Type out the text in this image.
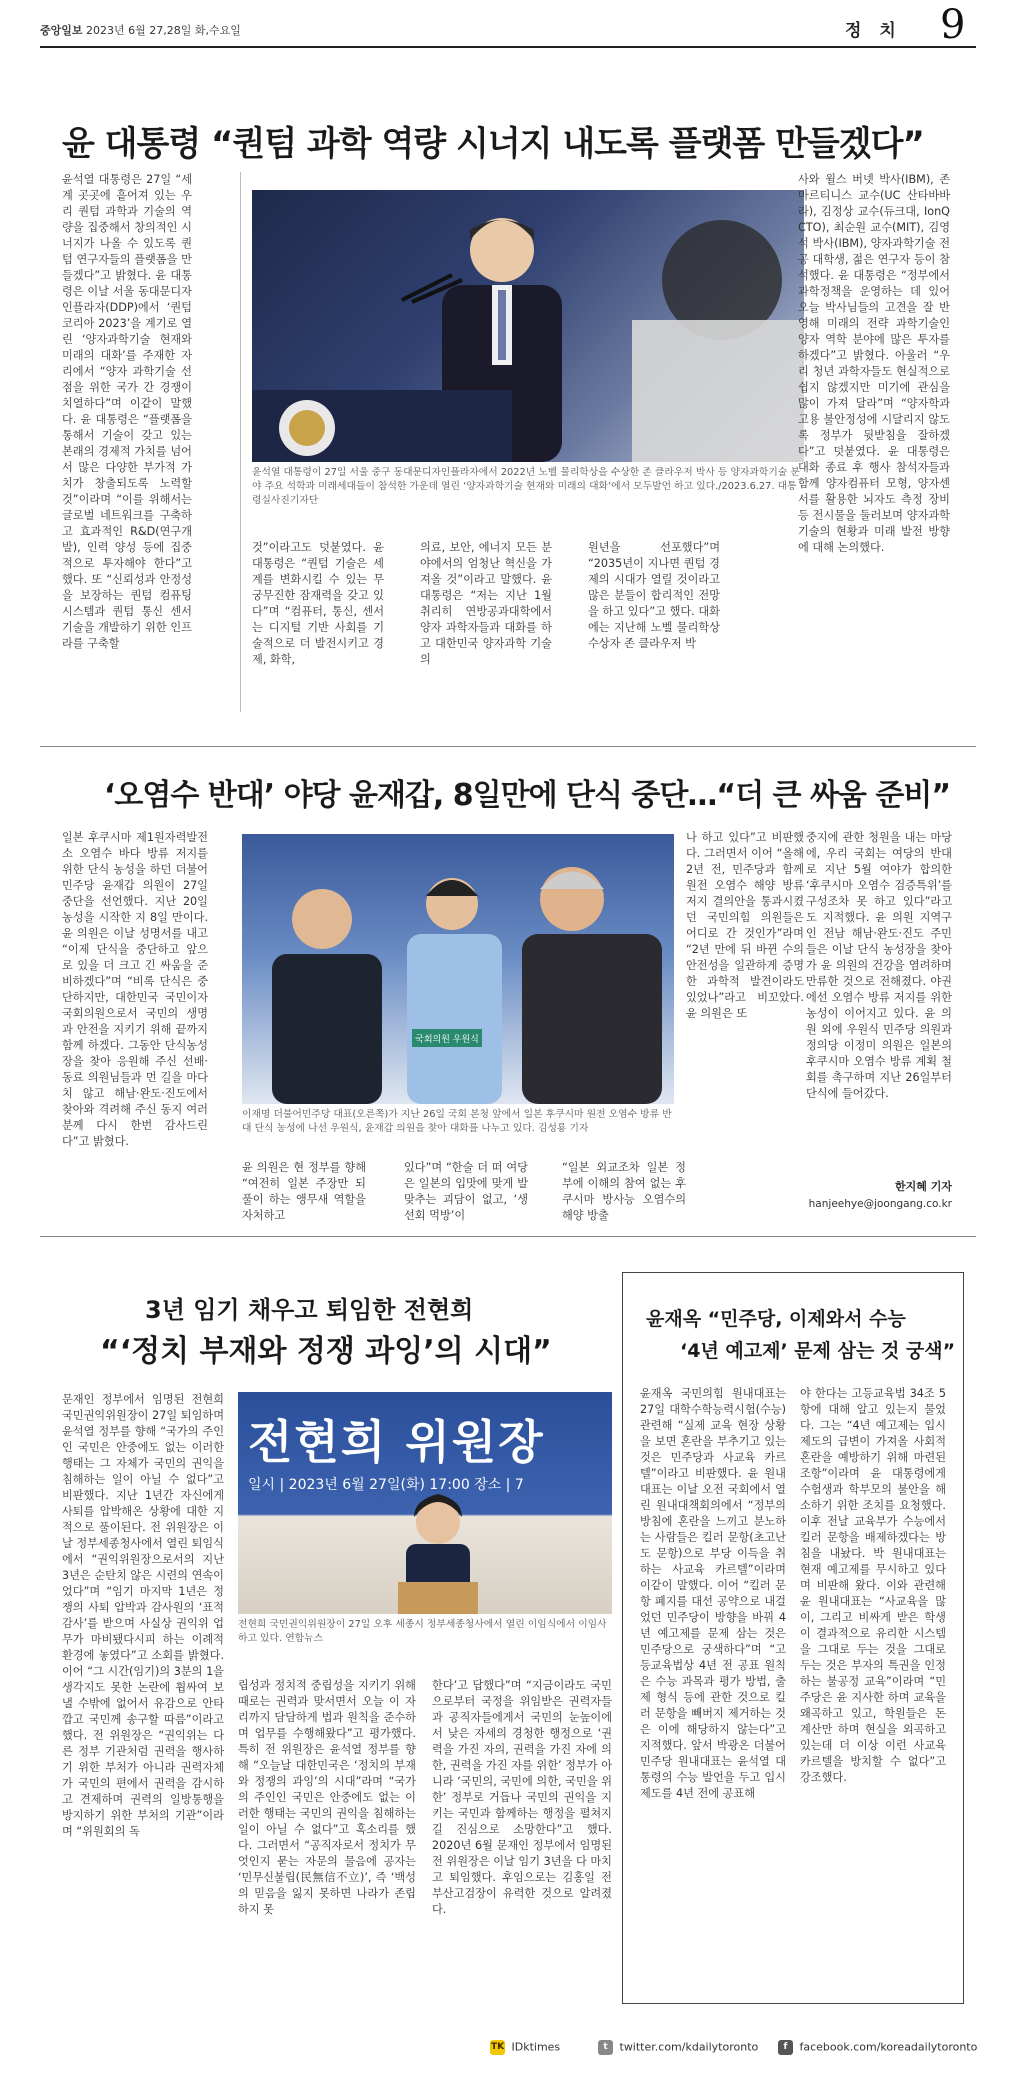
중앙일보 2023년 6월 27,28일 화,수요일	정 치 9
윤 대통령 “퀀텀 과학 역량 시너지 내도록 플랫폼 만들겠다”
윤석열 대통령은 27일 “세계 곳곳에 흩어져 있는 우리 퀀텀 과학과 기술의 역량을 집중해서 창의적인 시너지가 나올 수 있도록 퀀텀 연구자들의 플랫폼을 만들겠다”고 밝혔다. 윤 대통령은 이날 서울 동대문디자인플라자(DDP)에서 ‘퀀텀코리아 2023’을 계기로 열린 ‘양자과학기술 현재와 미래의 대화’를 주재한 자리에서 “양자 과학기술 선점을 위한 국가 간 경쟁이 치열하다”며 이같이 말했다. 윤 대통령은 “플랫폼을 통해서 기술이 갖고 있는 본래의 경제적 가치를 넘어서 많은 다양한 부가적 가치가 창출되도록 노력할 것”이라며 “이를 위해서는 글로벌 네트워크를 구축하고 효과적인 R&D(연구개발), 인력 양성 등에 집중적으로 투자해야 한다”고 했다. 또 “신뢰성과 안정성을 보장하는 퀀텀 컴퓨팅 시스템과 퀀텀 통신 센서 기술을 개발하기 위한 인프라를 구축할
윤석열 대통령이 27일 서울 중구 동대문디자인플라자에서 2022년 노벨 물리학상을 수상한 존 클라우저 박사 등 양자과학기술 분야 주요 석학과 미래세대들이 참석한 가운데 열린 ‘양자과학기술 현재와 미래의 대화’에서 모두발언 하고 있다./2023.6.27. 대통령실사진기자단
것”이라고도 덧붙였다. 윤 대통령은 “퀀텀 기술은 세계를 변화시킬 수 있는 무궁무진한 잠재력을 갖고 있다”며 “컴퓨터, 통신, 센서는 디지털 기반 사회를 기술적으로 더 발전시키고 경제, 화학,
의료, 보안, 에너지 모든 분야에서의 엄청난 혁신을 가져올 것”이라고 말했다. 윤 대통령은 “저는 지난 1월 취리히 연방공과대학에서 양자 과학자들과 대화를 하고 대한민국 양자과학 기술의
원년을 선포했다”며 “2035년이 지나면 퀀텀 경제의 시대가 열릴 것이라고 많은 분들이 합리적인 전망을 하고 있다”고 했다. 대화에는 지난해 노벨 물리학상 수상자 존 클라우저 박
사와 윌스 버넷 박사(IBM), 존 마르티니스 교수(UC 산타바바라), 김정상 교수(듀크대, IonQ CTO), 최순원 교수(MIT), 김영석 박사(IBM), 양자과학기술 전공 대학생, 젊은 연구자 등이 참석했다. 윤 대통령은 “정부에서 과학정책을 운영하는 데 있어 오늘 박사님들의 고견을 잘 반영해 미래의 전략 과학기술인 양자 역학 분야에 많은 투자를 하겠다”고 밝혔다. 아울러 “우리 청년 과학자들도 현실적으로 쉽지 않겠지만 미기에 관심을 많이 가져 달라”며 “양자학과 고용 불안정성에 시달리지 않도록 정부가 뒷받침을 잘하겠다”고 덧붙였다. 윤 대통령은 대화 종료 후 행사 참석자들과 함께 양자컴퓨터 모형, 양자센서를 활용한 뇌자도 측정 장비 등 전시물을 둘러보며 양자과학기술의 현황과 미래 발전 방향에 대해 논의했다.
‘오염수 반대’ 야당 윤재갑, 8일만에 단식 중단…“더 큰 싸움 준비”
일본 후쿠시마 제1원자력발전소 오염수 바다 방류 저지를 위한 단식 농성을 하던 더불어민주당 윤재갑 의원이 27일 중단을 선언했다. 지난 20일 농성을 시작한 지 8일 만이다. 윤 의원은 이날 성명서를 내고 “이제 단식을 중단하고 앞으로 있을 더 크고 긴 싸움을 준비하겠다”며 “비록 단식은 중단하지만, 대한민국 국민이자 국회의원으로서 국민의 생명과 안전을 지키기 위해 끝까지 함께 하겠다. 그동안 단식농성장을 찾아 응원해 주신 선배·동료 의원님들과 먼 길을 마다치 않고 해남·완도·진도에서 찾아와 격려해 주신 동지 여러분께 다시 한번 감사드린다”고 밝혔다.
국회의원 우원식
이재명 더불어민주당 대표(오른쪽)가 지난 26일 국회 본청 앞에서 일본 후쿠시마 원전 오염수 방류 반대 단식 농성에 나선 우원식, 윤재갑 의원을 찾아 대화를 나누고 있다. 김성룡 기자
윤 의원은 현 정부를 향해 “여전히 일본 주장만 되풀이 하는 앵무새 역할을 자처하고
있다”며 “한술 더 떠 여당은 일본의 입맛에 맞게 발맞추는 괴담이 없고, ‘생선회 먹방’이
“일본 외교조차 일본 정부에 이해의 참여 없는 후쿠시마 방사능 오염수의 해양 방출
나 하고 있다”고 비판했다. 그러면서 이어 “올해 2년 전, 민주당과 함께 원전 오염수 해양 방류 저지 결의안을 통과시켰던 국민의힘 의원들은 어디로 간 것인가”라며 “2년 만에 뒤 바뀐 수의 안전성을 일관하게 증명한 과학적 발견이라도 있었나”라고 비꼬았다. 윤 의원은 또
중지에 관한 청원을 내는 마당에, 우리 국회는 여당의 반대로 지난 5월 여야가 합의한 ‘후쿠시마 오염수 검증특위’를 구성조차 못 하고 있다”라고도 지적했다. 윤 의원 지역구인 전남 해남·완도·진도 주민들은 이날 단식 농성장을 찾아가 윤 의원의 건강을 염려하며 만류한 것으로 전해졌다. 야권에선 오염수 방류 저지를 위한 농성이 이어지고 있다. 윤 의원 외에 우원식 민주당 의원과 정의당 이정미 의원은 일본의 후쿠시마 오염수 방류 계획 철회를 촉구하며 지난 26일부터 단식에 들어갔다.
한지혜 기자
hanjeehye@joongang.co.kr
3년 임기 채우고 퇴임한 전현희
“‘정치 부재와 정쟁 과잉’의 시대”
문재인 정부에서 임명된 전현희 국민권익위원장이 27일 퇴임하며 윤석열 정부를 향해 “국가의 주인인 국민은 안중에도 없는 이러한 행태는 그 자체가 국민의 권익을 침해하는 일이 아닐 수 없다”고 비판했다. 지난 1년간 자신에게 사퇴를 압박해온 상황에 대한 지적으로 풀이된다. 전 위원장은 이날 정부세종청사에서 열린 퇴임식에서 “권익위원장으로서의 지난 3년은 순탄치 않은 시련의 연속이었다”며 “임기 마지막 1년은 정쟁의 사퇴 압박과 감사원의 ‘표적 감사’를 받으며 사실상 권익위 업무가 마비됐다시피 하는 이례적 환경에 놓였다”고 소회를 밝혔다. 이어 “그 시간(임기)의 3분의 1을 생각지도 못한 논란에 휩싸여 보낼 수밖에 없어서 유감으로 안타깝고 국민께 송구할 따름”이라고 했다. 전 위원장은 “권익위는 다른 정부 기관처럼 권력을 행사하기 위한 부처가 아니라 권력자체가 국민의 편에서 권력을 감시하고 견제하며 권력의 일방통행을 방지하기 위한 부처의 기관”이라며 “위원회의 독
전현희 위원장
일시 | 2023년 6월 27일(화) 17:00 장소 | 7
전현희 국민권익위원장이 27일 오후 세종시 정부세종청사에서 열린 이임식에서 이임사하고 있다. 연합뉴스
립성과 정치적 중립성을 지키기 위해 때로는 권력과 맞서면서 오늘 이 자리까지 담담하게 법과 원칙을 준수하며 업무를 수행해왔다”고 평가했다. 특히 전 위원장은 윤석열 정부를 향해 “오늘날 대한민국은 ‘정치의 부재와 정쟁의 과잉’의 시대”라며 “국가의 주인인 국민은 안중에도 없는 이러한 행태는 국민의 권익을 침해하는 일이 아닐 수 없다”고 혹소리를 했다. 그러면서 “공직자로서 정치가 무엇인지 묻는 자문의 물음에 공자는 ‘민무신불립(民無信不立)’, 즉 ‘백성의 믿음을 잃지 못하면 나라가 존립하지 못
한다’고 답했다”며 “지금이라도 국민으로부터 국정을 위임받은 권력자들과 공직자들에게서 국민의 눈높이에서 낮은 자세의 경청한 행정으로 ‘권력을 가진 자의, 권력을 가진 자에 의한, 권력을 가진 자를 위한’ 정부가 아니라 ‘국민의, 국민에 의한, 국민을 위한’ 정부로 거듭나 국민의 권익을 지키는 국민과 함께하는 행정을 펼쳐지길 진심으로 소망한다”고 했다. 2020년 6월 문재인 정부에서 임명된 전 위원장은 이날 임기 3년을 다 마치고 퇴임했다. 후임으로는 김홍일 전 부산고검장이 유력한 것으로 알려졌다.
윤재옥 “민주당, 이제와서 수능
‘4년 예고제’ 문제 삼는 것 궁색”
윤재옥 국민의힘 원내대표는 27일 대학수학능력시험(수능) 관련해 “실제 교육 현장 상황을 보면 혼란을 부추기고 있는 것은 민주당과 사교육 카르텔”이라고 비판했다. 윤 원내대표는 이날 오전 국회에서 열린 원내대책회의에서 “정부의 방침에 혼란을 느끼고 분노하는 사람들은 킬러 문항(초고난도 문항)으로 부당 이득을 취하는 사교육 카르텔”이라며 이같이 말했다. 이어 “킬러 문항 폐지를 대선 공약으로 내걸었던 민주당이 방향을 바꿔 4년 예고제를 문제 삼는 것은 민주당으로 궁색하다”며 “고등교육법상 4년 전 공표 원칙은 수능 과목과 평가 방법, 출제 형식 등에 관한 것으로 킬러 문항을 빼버지 제거하는 것은 이에 해당하지 않는다”고 지적했다. 앞서 박광온 더불어민주당 원내대표는 윤석열 대통령의 수능 발언을 두고 입시제도를 4년 전에 공표해
야 한다는 고등교육법 34조 5항에 대해 알고 있는지 물었다. 그는 “4년 예고제는 입시 제도의 급변이 가져올 사회적 혼란을 예방하기 위해 마련된 조항”이라며 윤 대통령에게 수험생과 학부모의 불안을 해소하기 위한 조치를 요청했다. 이후 전날 교육부가 수능에서 킬러 문항을 배제하겠다는 방침을 내놨다. 박 원내대표는 현재 예고제를 무시하고 있다며 비판해 왔다. 이와 관련해 윤 원내대표는 “사교육을 많이, 그리고 비싸게 받은 학생이 결과적으로 유리한 시스템을 그대로 두는 것을 그대로 두는 것은 부자의 특권을 인정하는 불공정 교육”이라며 “민주당은 윤 지사한 하며 교육을 왜곡하고 있고, 학원들은 돈 계산만 하며 현실을 외곡하고 있는데 더 이상 이런 사교육 카르텔을 방치할 수 없다”고 강조했다.
TK IDktimes	t twitter.com/kdailytoronto	f facebook.com/koreadailytoronto
